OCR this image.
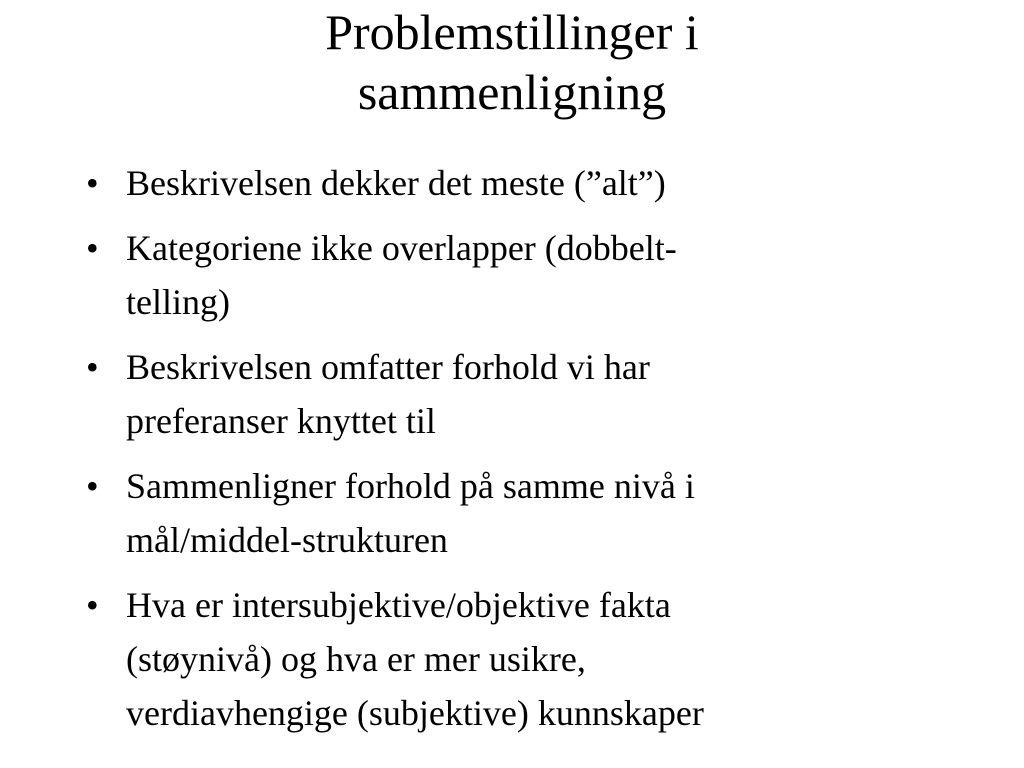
Problemstillinger i
sammenligning
• Beskrivelsen dekker det meste (”alt”)
• Kategoriene ikke overlapper (dobbelt-
telling)
• Beskrivelsen omfatter forhold vi har
preferanser knyttet til
• Sammenligner forhold på samme nivå i
mål/middel-strukturen
• Hva er intersubjektive/objektive fakta
(støynivå) og hva er mer usikre,
verdiavhengige (subjektive) kunnskaper
